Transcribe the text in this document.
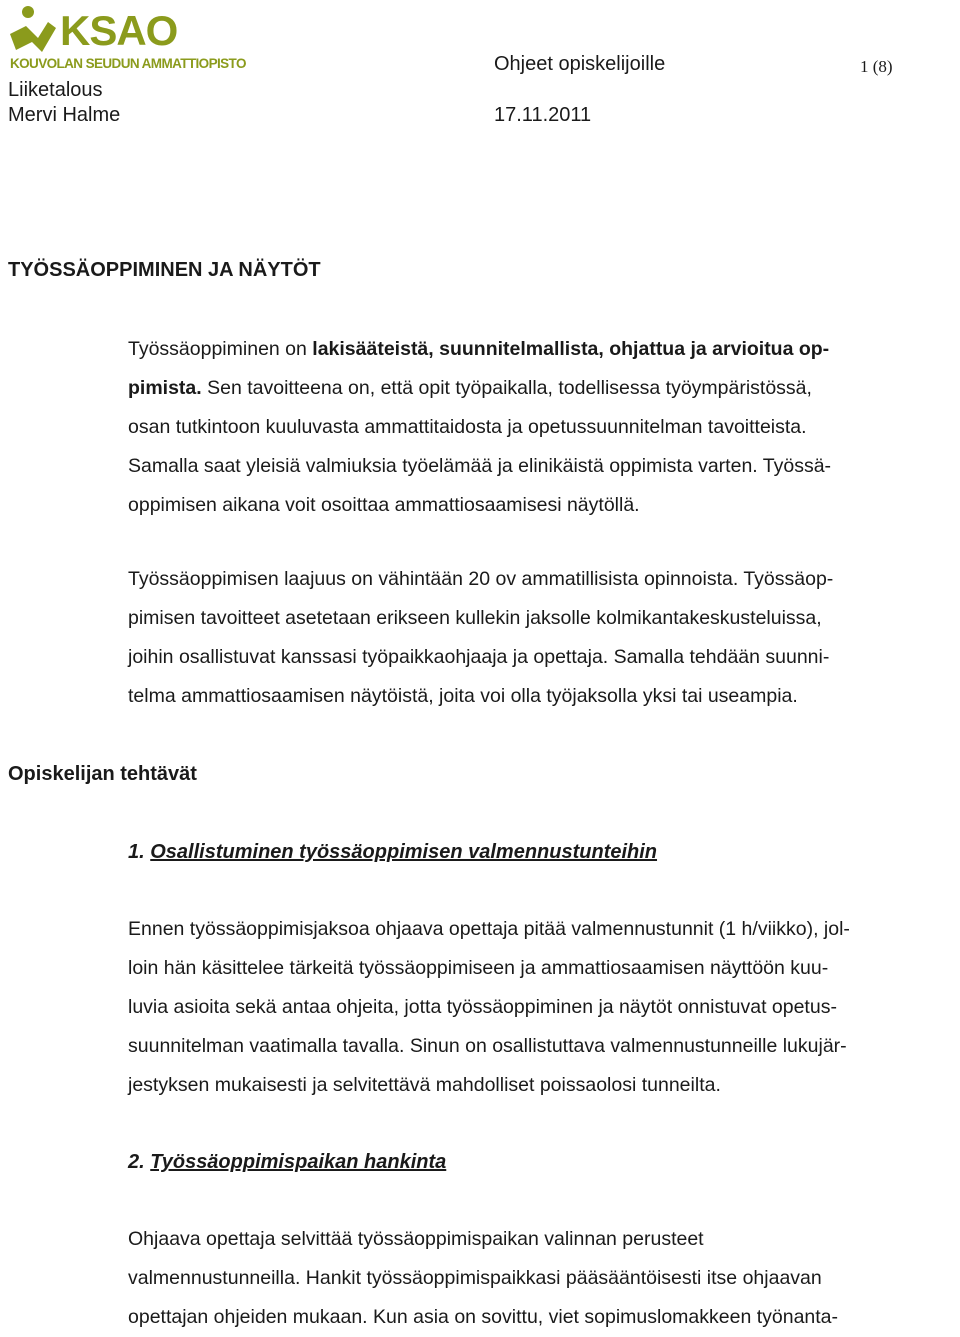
KSAO
KOUVOLAN SEUDUN AMMATTIOPISTO	Ohjeet opiskelijoille	1 (8)
Liiketalous
Mervi Halme	17.11.2011
TYÖSSÄOPPIMINEN JA NÄYTÖT
Työssäoppiminen on lakisääteistä, suunnitelmallista, ohjattua ja arvioitua op-
pimista. Sen tavoitteena on, että opit työpaikalla, todellisessa työympäristössä,
osan tutkintoon kuuluvasta ammattitaidosta ja opetussuunnitelman tavoitteista.
Samalla saat yleisiä valmiuksia työelämää ja elinikäistä oppimista varten. Työssä-
oppimisen aikana voit osoittaa ammattiosaamisesi näytöllä.
Työssäoppimisen laajuus on vähintään 20 ov ammatillisista opinnoista. Työssäop-
pimisen tavoitteet asetetaan erikseen kullekin jaksolle kolmikantakeskusteluissa,
joihin osallistuvat kanssasi työpaikkaohjaaja ja opettaja. Samalla tehdään suunni-
telma ammattiosaamisen näytöistä, joita voi olla työjaksolla yksi tai useampia.
Opiskelijan tehtävät
1. Osallistuminen työssäoppimisen valmennustunteihin
Ennen työssäoppimisjaksoa ohjaava opettaja pitää valmennustunnit (1 h/viikko), jol-
loin hän käsittelee tärkeitä työssäoppimiseen ja ammattiosaamisen näyttöön kuu-
luvia asioita sekä antaa ohjeita, jotta työssäoppiminen ja näytöt onnistuvat opetus-
suunnitelman vaatimalla tavalla. Sinun on osallistuttava valmennustunneille lukujär-
jestyksen mukaisesti ja selvitettävä mahdolliset poissaolosi tunneilta.
2. Työssäoppimispaikan hankinta
Ohjaava opettaja selvittää työssäoppimispaikan valinnan perusteet
valmennustunneilla. Hankit työssäoppimispaikkasi pääsääntöisesti itse ohjaavan
opettajan ohjeiden mukaan. Kun asia on sovittu, viet sopimuslomakkeen työnanta-
